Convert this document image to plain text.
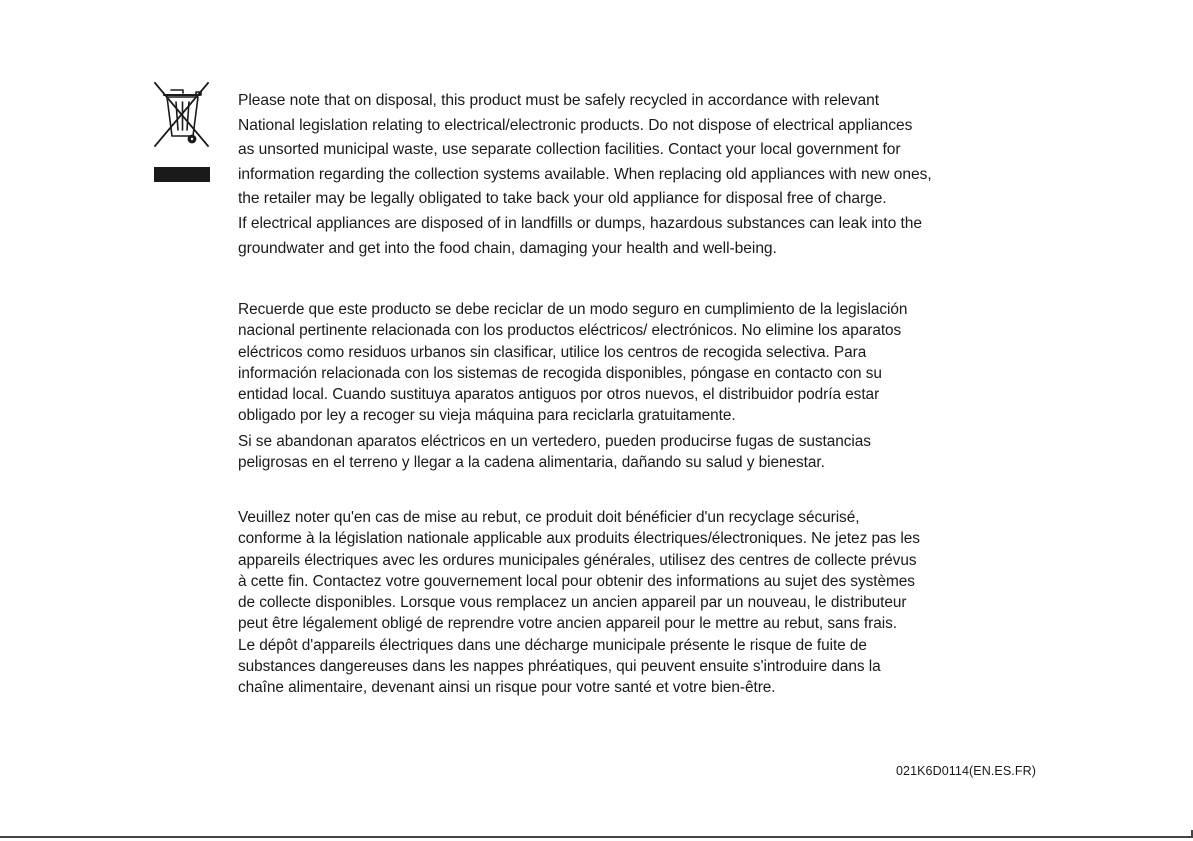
Please note that on disposal, this product must be safely recycled in accordance with relevant

National legislation relating to electrical/electronic products. Do not dispose of electrical appliances

as unsorted municipal waste, use separate collection facilities. Contact your local government for

information regarding the collection systems available. When replacing old appliances with new ones,

the retailer may be legally obligated to take back your old appliance for disposal free of charge.

If electrical appliances are disposed of in landfills or dumps, hazardous substances can leak into the

groundwater and get into the food chain, damaging your health and well-being.

Recuerde que este producto se debe reciclar de un modo seguro en cumplimiento de la legislación

nacional pertinente relacionada con los productos eléctricos/ electrónicos. No elimine los aparatos

eléctricos como residuos urbanos sin clasificar, utilice los centros de recogida selectiva. Para

información relacionada con los sistemas de recogida disponibles, póngase en contacto con su

entidad local. Cuando sustituya aparatos antiguos por otros nuevos, el distribuidor podría estar

obligado por ley a recoger su vieja máquina para reciclarla gratuitamente.

Si se abandonan aparatos eléctricos en un vertedero, pueden producirse fugas de sustancias

peligrosas en el terreno y llegar a la cadena alimentaria, dañando su salud y bienestar.

Veuillez noter qu'en cas de mise au rebut, ce produit doit bénéficier d'un recyclage sécurisé,

conforme à la législation nationale applicable aux produits électriques/électroniques. Ne jetez pas les

appareils électriques avec les ordures municipales générales, utilisez des centres de collecte prévus

à cette fin. Contactez votre gouvernement local pour obtenir des informations au sujet des systèmes

de collecte disponibles. Lorsque vous remplacez un ancien appareil par un nouveau, le distributeur

peut être légalement obligé de reprendre votre ancien appareil pour le mettre au rebut, sans frais.

Le dépôt d'appareils électriques dans une décharge municipale présente le risque de fuite de

substances dangereuses dans les nappes phréatiques, qui peuvent ensuite s'introduire dans la

chaîne alimentaire, devenant ainsi un risque pour votre santé et votre bien-être.

021K6D0114(EN.ES.FR)
